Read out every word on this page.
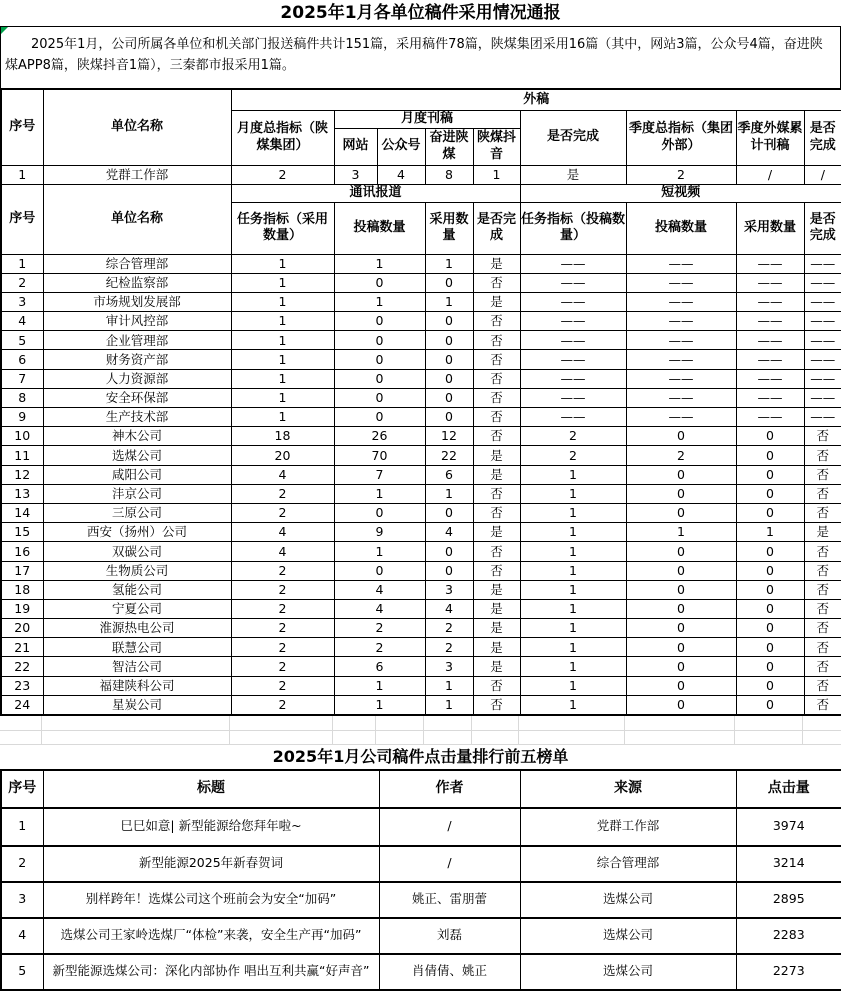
2025年1月各单位稿件采用情况通报
　　2025年1月，公司所属各单位和机关部门报送稿件共计151篇，采用稿件78篇，陕煤集团采用16篇（其中，网站3篇，公众号4篇，奋进陕煤APP8篇，陕煤抖音1篇），三秦都市报采用1篇。
序号	单位名称	外稿								
		月度总指标（陕煤集团）	月度刊稿				是否完成	季度总指标（集团外部）	季度外媒累计刊稿	是否完成
			网站	公众号	奋进陕煤	陕煤抖音				
1	党群工作部	2	3	4	8	1	是	2	/	/
序号	单位名称	通讯报道					短视频			
		任务指标（采用数量）	投稿数量		采用数量	是否完成	任务指标（投稿数量）	投稿数量	采用数量	是否完成
1	综合管理部	1	1		1	是	——	——	——	——
2	纪检监察部	1	0		0	否	——	——	——	——
3	市场规划发展部	1	1		1	是	——	——	——	——
4	审计风控部	1	0		0	否	——	——	——	——
5	企业管理部	1	0		0	否	——	——	——	——
6	财务资产部	1	0		0	否	——	——	——	——
7	人力资源部	1	0		0	否	——	——	——	——
8	安全环保部	1	0		0	否	——	——	——	——
9	生产技术部	1	0		0	否	——	——	——	——
10	神木公司	18	26		12	否	2	0	0	否
11	选煤公司	20	70		22	是	2	2	0	否
12	咸阳公司	4	7		6	是	1	0	0	否
13	沣京公司	2	1		1	否	1	0	0	否
14	三原公司	2	0		0	否	1	0	0	否
15	西安（扬州）公司	4	9		4	是	1	1	1	是
16	双碳公司	4	1		0	否	1	0	0	否
17	生物质公司	2	0		0	否	1	0	0	否
18	氢能公司	2	4		3	是	1	0	0	否
19	宁夏公司	2	4		4	是	1	0	0	否
20	淮源热电公司	2	2		2	是	1	0	0	否
21	联慧公司	2	2		2	是	1	0	0	否
22	智洁公司	2	6		3	是	1	0	0	否
23	福建陕科公司	2	1		1	否	1	0	0	否
24	星炭公司	2	1		1	否	1	0	0	否
2025年1月公司稿件点击量排行前五榜单
序号	标题	作者	来源	点击量
1	巳巳如意| 新型能源给您拜年啦~	/	党群工作部	3974
2	新型能源2025年新春贺词	/	综合管理部	3214
3	别样跨年！选煤公司这个班前会为安全“加码”	姚正、雷朋蕾	选煤公司	2895
4	选煤公司王家岭选煤厂“体检”来袭，安全生产再“加码”	刘磊	选煤公司	2283
5	新型能源选煤公司：深化内部协作 唱出互利共赢“好声音”	肖倩倩、姚正	选煤公司	2273
